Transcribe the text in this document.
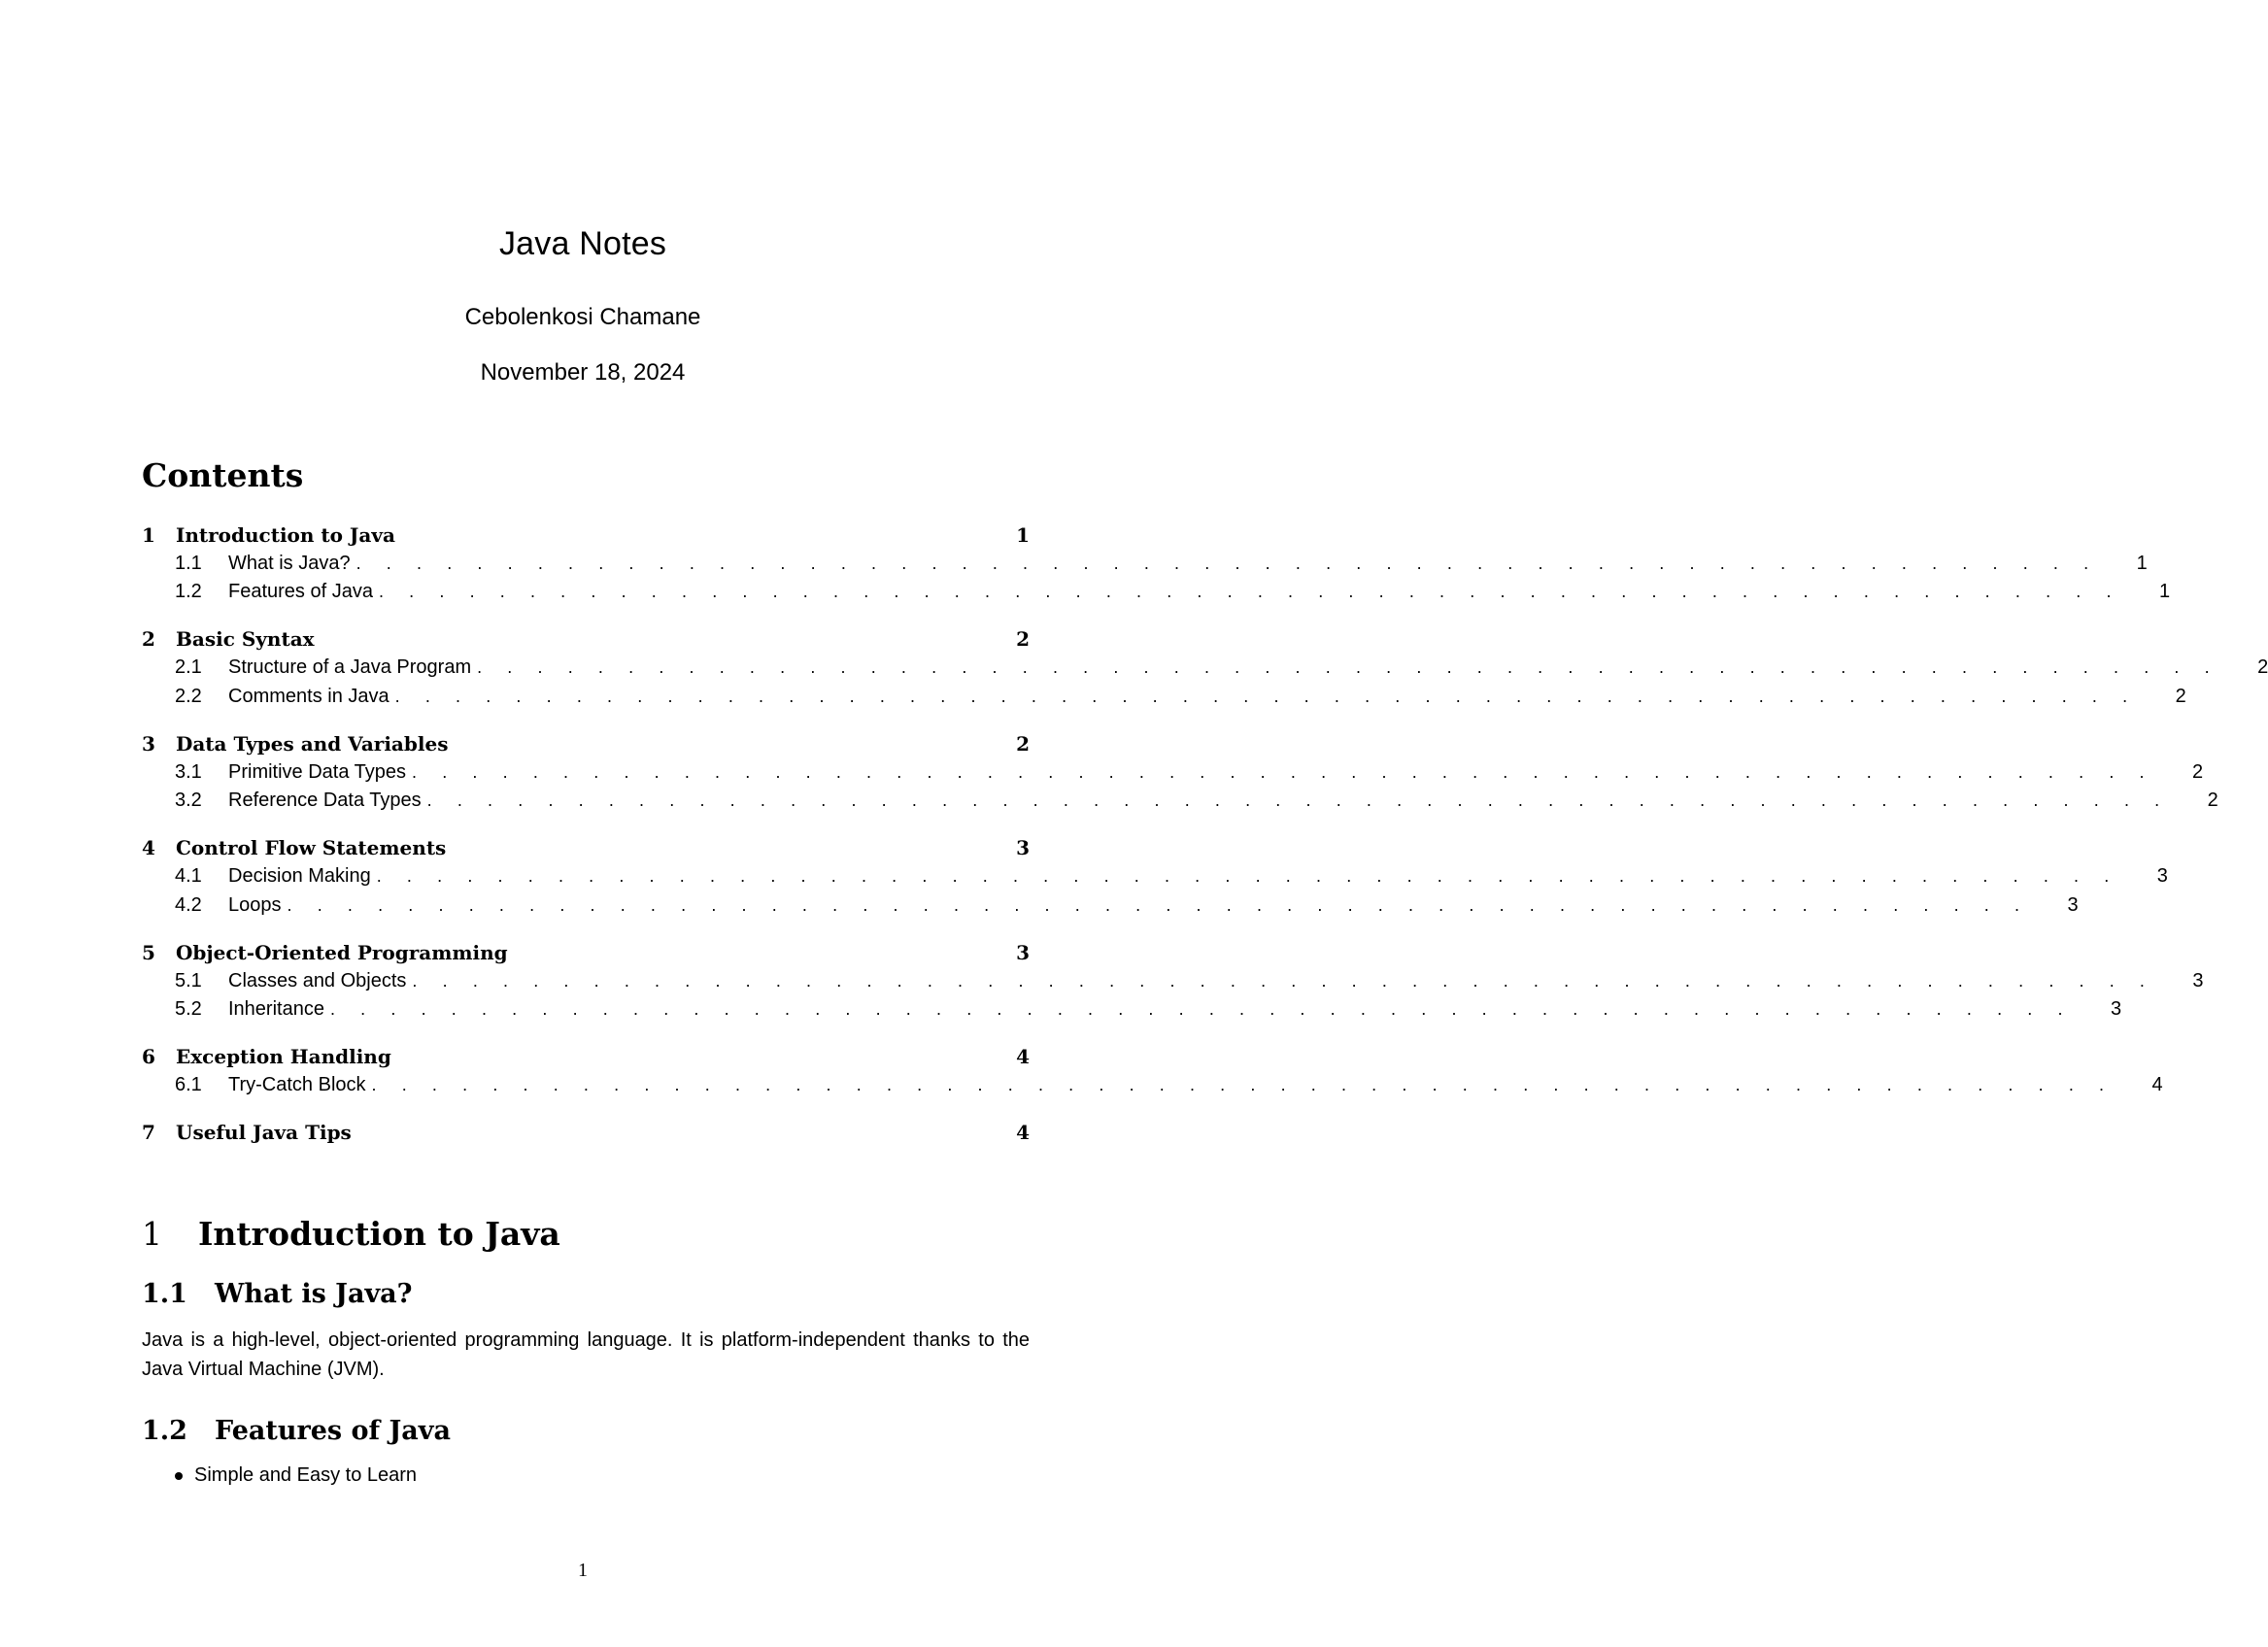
Java Notes
Cebolenkosi Chamane
November 18, 2024
Contents
1	Introduction to Java	1
1.1	What is Java? . . . . . . . . . . . . . . . . . . . . . . . . . . . . . . . . . . . . . . . . . . . . . . . . . . . . . . . . . .	1
1.2	Features of Java . . . . . . . . . . . . . . . . . . . . . . . . . . . . . . . . . . . . . . . . . . . . . . . . . . . . . . . . . .	1
2	Basic Syntax	2
2.1	Structure of a Java Program . . . . . . . . . . . . . . . . . . . . . . . . . . . . . . . . . . . . . . . . . . . . . . . . . . . . . . . . . .	2
2.2	Comments in Java . . . . . . . . . . . . . . . . . . . . . . . . . . . . . . . . . . . . . . . . . . . . . . . . . . . . . . . . . .	2
3	Data Types and Variables	2
3.1	Primitive Data Types . . . . . . . . . . . . . . . . . . . . . . . . . . . . . . . . . . . . . . . . . . . . . . . . . . . . . . . . . .	2
3.2	Reference Data Types . . . . . . . . . . . . . . . . . . . . . . . . . . . . . . . . . . . . . . . . . . . . . . . . . . . . . . . . . .	2
4	Control Flow Statements	3
4.1	Decision Making . . . . . . . . . . . . . . . . . . . . . . . . . . . . . . . . . . . . . . . . . . . . . . . . . . . . . . . . . .	3
4.2	Loops . . . . . . . . . . . . . . . . . . . . . . . . . . . . . . . . . . . . . . . . . . . . . . . . . . . . . . . . . .	3
5	Object-Oriented Programming	3
5.1	Classes and Objects . . . . . . . . . . . . . . . . . . . . . . . . . . . . . . . . . . . . . . . . . . . . . . . . . . . . . . . . . .	3
5.2	Inheritance . . . . . . . . . . . . . . . . . . . . . . . . . . . . . . . . . . . . . . . . . . . . . . . . . . . . . . . . . .	3
6	Exception Handling	4
6.1	Try-Catch Block . . . . . . . . . . . . . . . . . . . . . . . . . . . . . . . . . . . . . . . . . . . . . . . . . . . . . . . . . .	4
7	Useful Java Tips	4
1	Introduction to Java
1.1	What is Java?
Java is a high-level, object-oriented programming language. It is platform-independent thanks to the Java Virtual Machine (JVM).
1.2	Features of Java
Simple and Easy to Learn
1
